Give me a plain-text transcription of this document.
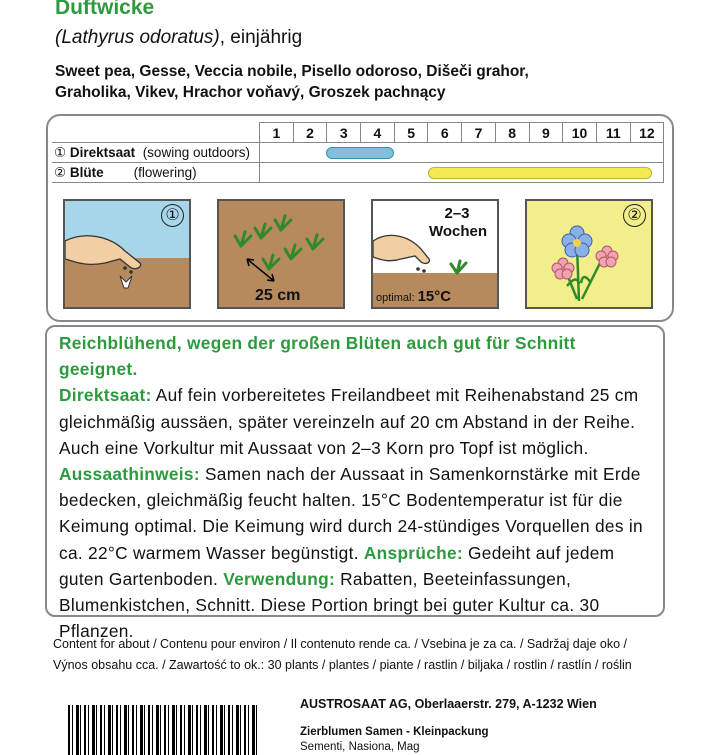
Duftwicke
(Lathyrus odoratus), einjährig
Sweet pea, Gesse, Veccia nobile, Pisello odoroso, Dišeči grahor,
Graholika, Vikev, Hrachor voňavý, Groszek pachnący
	1	2	3	4	5	6	7	8	9	10	11	12
① Direktsaat (sowing outdoors)												

② Blüte (flowering)												
①
25 cm
2–3
Wochen
optimal: 15°C
②
Reichblühend, wegen der großen Blüten auch gut für Schnitt geeignet.
Direktsaat: Auf fein vorbereitetes Freilandbeet mit Reihenabstand 25 cm gleichmäßig aussäen, später vereinzeln auf 20 cm Abstand in der Reihe. Auch eine Vorkultur mit Aussaat von 2–3 Korn pro Topf ist möglich.
Aussaathinweis: Samen nach der Aussaat in Samenkornstärke mit Erde bedecken, gleichmäßig feucht halten. 15°C Bodentemperatur ist für die Keimung optimal. Die Keimung wird durch 24-stündiges Vorquellen des in ca. 22°C warmem Wasser begünstigt. Ansprüche: Gedeiht auf jedem guten Gartenboden. Verwendung: Rabatten, Beeteinfassungen, Blumenkistchen, Schnitt. Diese Portion bringt bei guter Kultur ca. 30 Pflanzen.
Content for about / Contenu pour environ / Il contenuto rende ca. / Vsebina je za ca. / Sadržaj daje oko /
Výnos obsahu cca. / Zawartość to ok.: 30 plants / plantes / piante / rastlin / biljaka / rostlin / rastlín / roślin
AUSTROSAAT AG, Oberlaaerstr. 279, A-1232 Wien
Zierblumen Samen - Kleinpackung
Sementi, Nasiona, Mag
